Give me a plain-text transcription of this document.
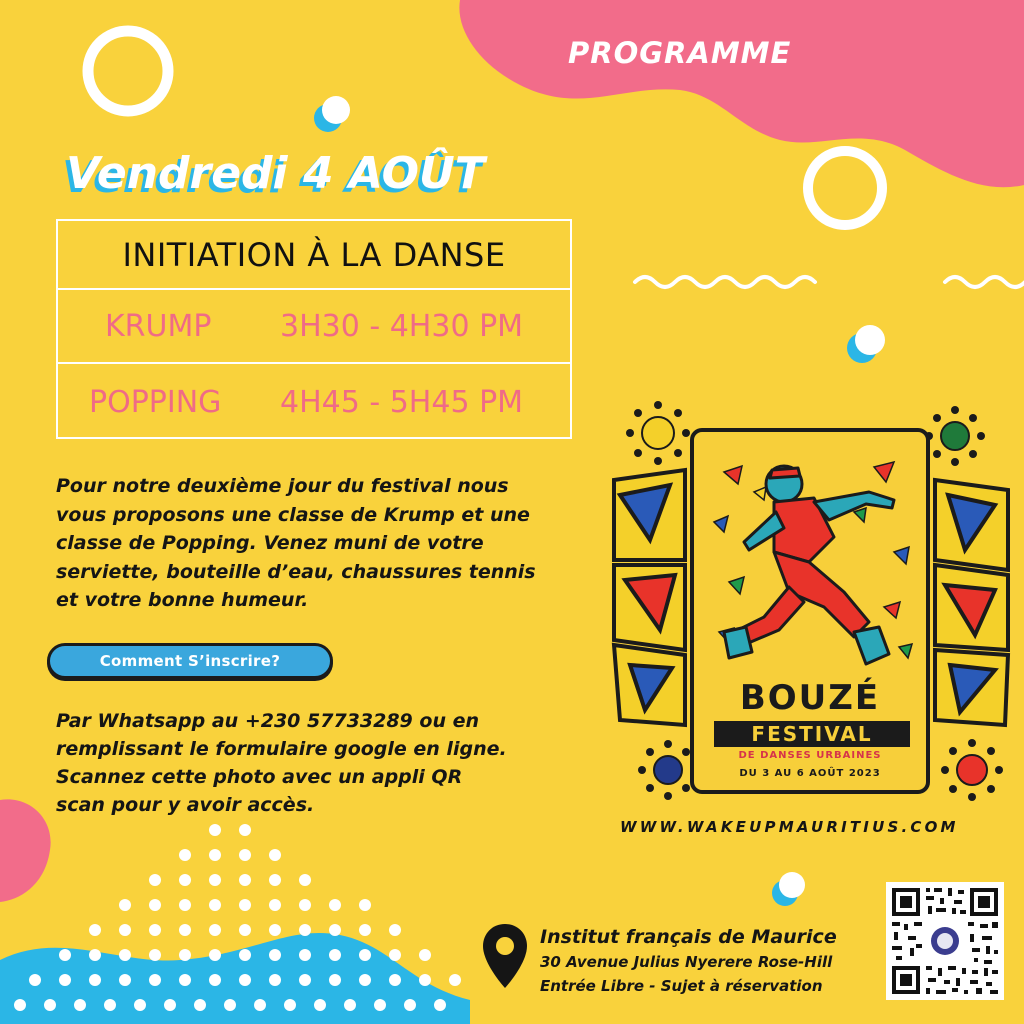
PROGRAMME
Vendredi 4 AOÛT
INITIATION À LA DANSE
KRUMP 3H30 - 4H30 PM
POPPING 4H45 - 5H45 PM
Pour notre deuxième jour du festival nous
vous proposons une classe de Krump et une
classe de Popping. Venez muni de votre
serviette, bouteille d’eau, chaussures tennis
et votre bonne humeur.
Comment S’inscrire?
Par Whatsapp au +230 57733289 ou en
remplissant le formulaire google en ligne.
Scannez cette photo avec un appli QR
scan pour y avoir accès.
BOUZÉ
FESTIVAL
DE DANSES URBAINES
DU 3 AU 6 AOÛT 2023
WWW.WAKEUPMAURITIUS.COM
Institut français de Maurice
30 Avenue Julius Nyerere Rose-Hill
Entrée Libre - Sujet à réservation
